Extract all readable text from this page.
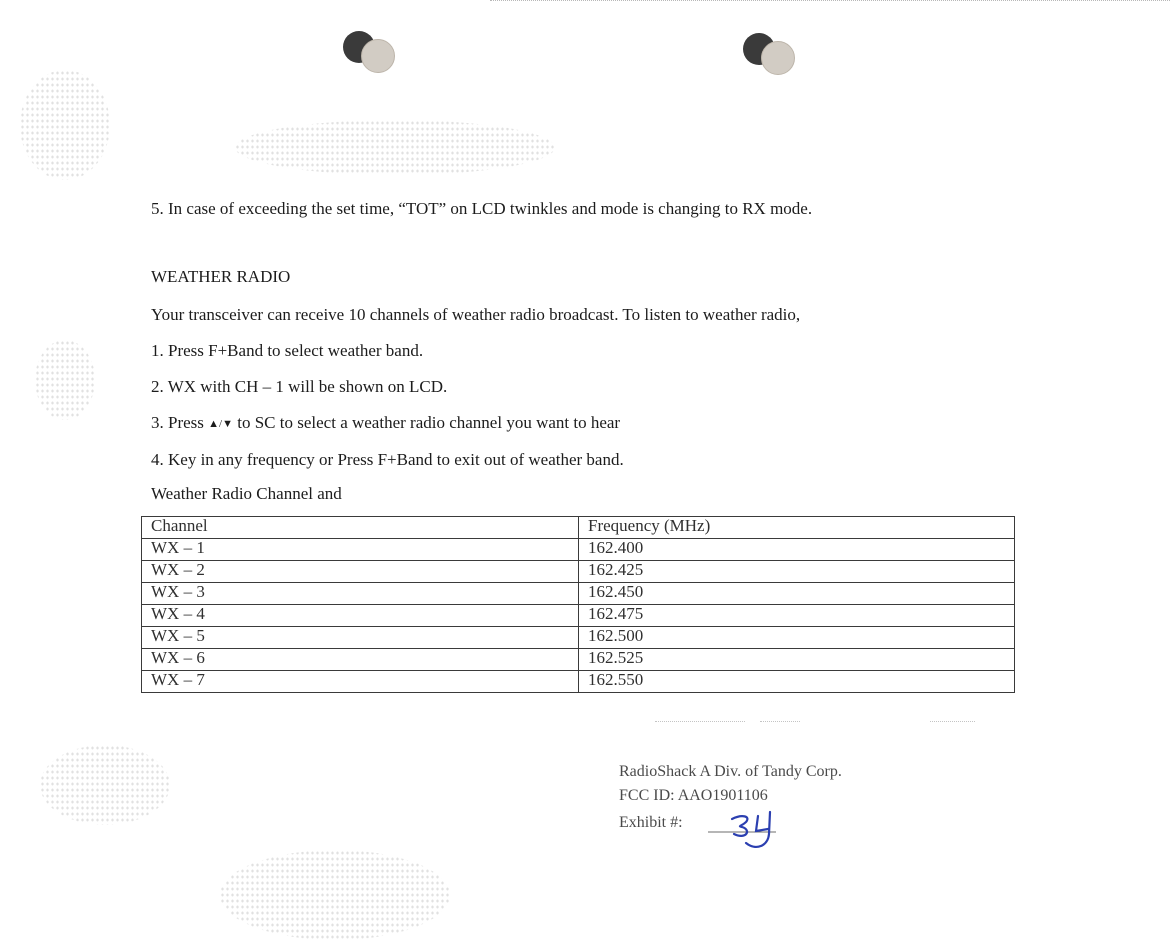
5. In case of exceeding the set time, “TOT” on LCD twinkles and mode is changing to RX mode.

WEATHER RADIO

Your transceiver can receive 10 channels of weather radio broadcast. To listen to weather radio,

1. Press F+Band to select weather band.

2. WX with CH – 1 will be shown on LCD.

3. Press ▲/▼ to SC to select a weather radio channel you want to hear

4. Key in any frequency or Press F+Band to exit out of weather band.

Weather Radio Channel and

Channel	Frequency (MHz)
WX – 1	162.400
WX – 2	162.425
WX – 3	162.450
WX – 4	162.475
WX – 5	162.500
WX – 6	162.525
WX – 7	162.550
RadioShack A Div. of Tandy Corp.
FCC ID: AAO1901106
Exhibit #:
